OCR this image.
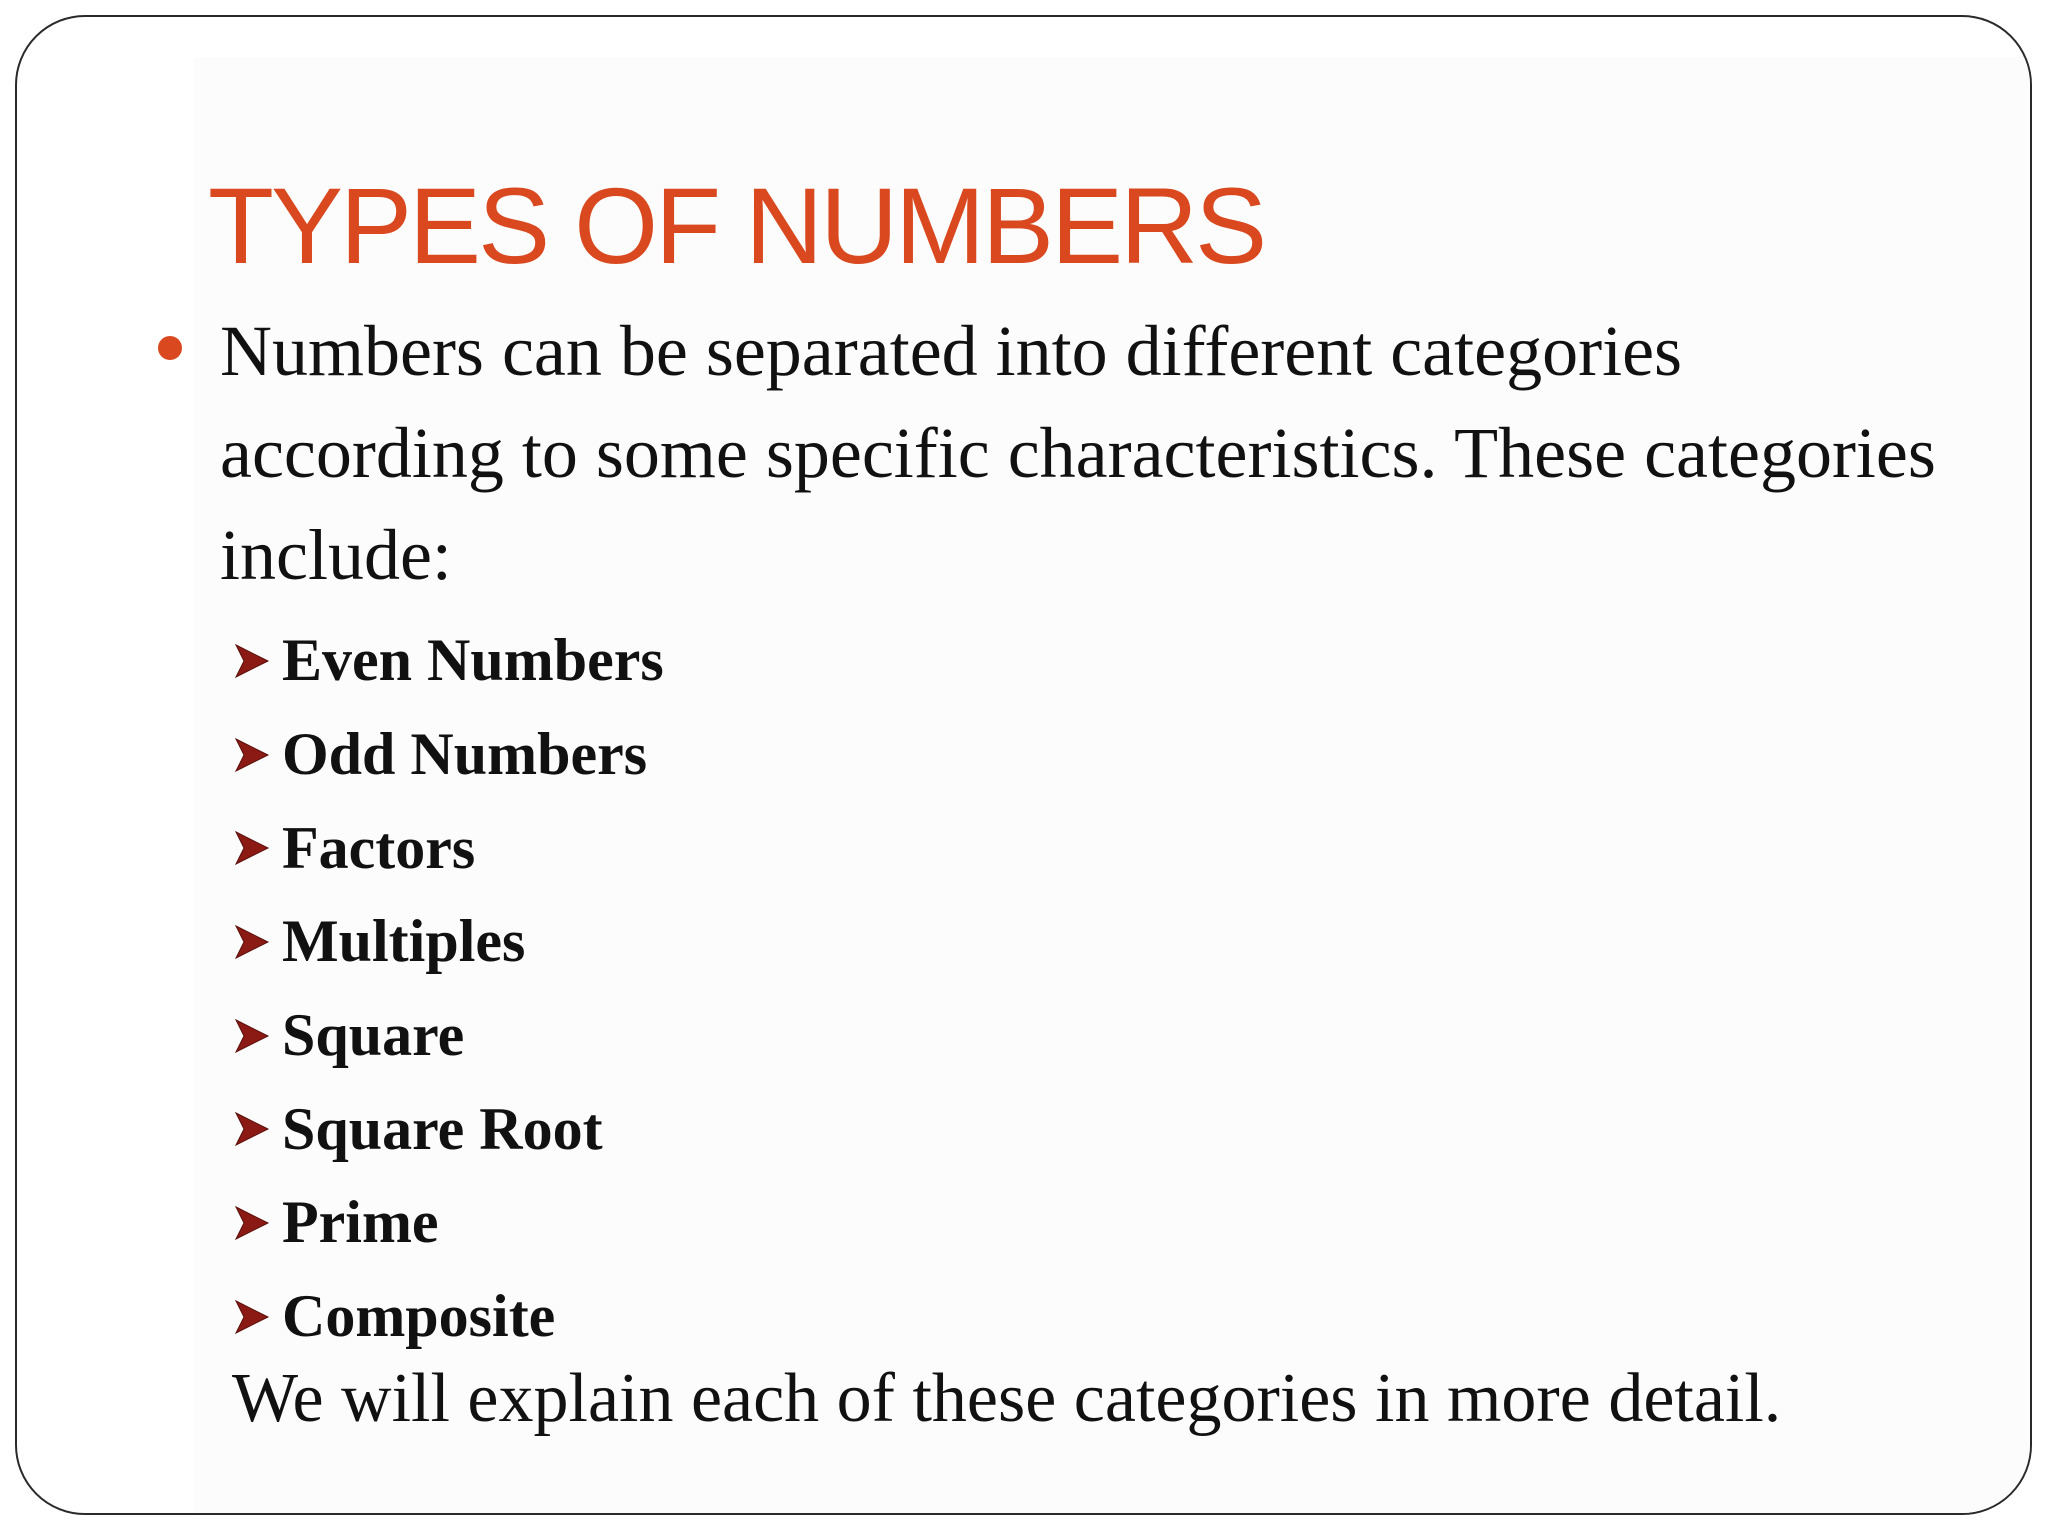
TYPES OF NUMBERS

Numbers can be separated into different categories according to some specific characteristics. These categories include:

Even Numbers
Odd Numbers
Factors
Multiples
Square
Square Root
Prime
Composite

We will explain each of these categories in more detail.
